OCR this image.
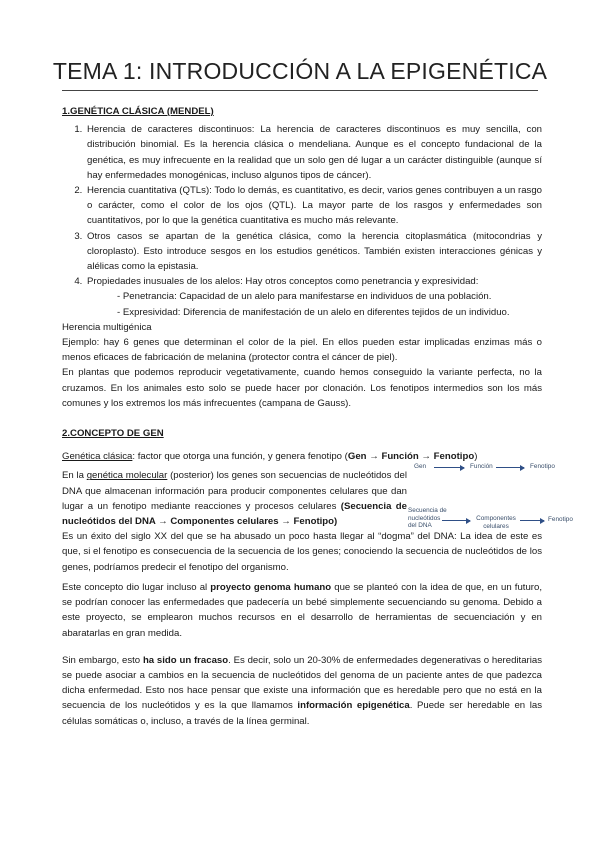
TEMA 1: INTRODUCCIÓN A LA EPIGENÉTICA

1.GENÉTICA CLÁSICA (MENDEL)

1. Herencia de caracteres discontinuos: La herencia de caracteres discontinuos es muy sencilla, con distribución binomial. Es la herencia clásica o mendeliana. Aunque es el concepto fundacional de la genética, es muy infrecuente en la realidad que un solo gen dé lugar a un carácter distinguible (aunque sí hay enfermedades monogénicas, incluso algunos tipos de cáncer).
2. Herencia cuantitativa (QTLs): Todo lo demás, es cuantitativo, es decir, varios genes contribuyen a un rasgo o carácter, como el color de los ojos (QTL). La mayor parte de los rasgos y enfermedades son cuantitativos, por lo que la genética cuantitativa es mucho más relevante.
3. Otros casos se apartan de la genética clásica, como la herencia citoplasmática (mitocondrias y cloroplasto). Esto introduce sesgos en los estudios genéticos. También existen interacciones génicas y alélicas como la epistasia.
4. Propiedades inusuales de los alelos: Hay otros conceptos como penetrancia y expresividad:
- Penetrancia: Capacidad de un alelo para manifestarse en individuos de una población.
- Expresividad: Diferencia de manifestación de un alelo en diferentes tejidos de un individuo.

Herencia multigénica

Ejemplo: hay 6 genes que determinan el color de la piel. En ellos pueden estar implicadas enzimas más o menos eficaces de fabricación de melanina (protector contra el cáncer de piel).

En plantas que podemos reproducir vegetativamente, cuando hemos conseguido la variante perfecta, no la cruzamos. En los animales esto solo se puede hacer por clonación. Los fenotipos intermedios son los más comunes y los extremos los más infrecuentes (campana de Gauss).

2.CONCEPTO DE GEN

Genética clásica: factor que otorga una función, y genera fenotipo (Gen → Función → Fenotipo)

En la genética molecular (posterior) los genes son secuencias de nucleótidos del DNA que almacenan información para producir componentes celulares que dan lugar a un fenotipo mediante reacciones y procesos celulares (Secuencia de nucleótidos del DNA → Componentes celulares → Fenotipo)

Gen	Función	Fenotipo
Secuencia de nucleótidos del DNA
Componentes celulares
Fenotipo

Es un éxito del siglo XX del que se ha abusado un poco hasta llegar al “dogma” del DNA: La idea de este es que, si el fenotipo es consecuencia de la secuencia de los genes; conociendo la secuencia de nucleótidos de los genes, podríamos predecir el fenotipo del organismo.

Este concepto dio lugar incluso al proyecto genoma humano que se planteó con la idea de que, en un futuro, se podrían conocer las enfermedades que padecería un bebé simplemente secuenciando su genoma. Debido a este proyecto, se emplearon muchos recursos en el desarrollo de herramientas de secuenciación y en abaratarlas en gran medida.

Sin embargo, esto ha sido un fracaso. Es decir, solo un 20-30% de enfermedades degenerativas o hereditarias se puede asociar a cambios en la secuencia de nucleótidos del genoma de un paciente antes de que padezca dicha enfermedad. Esto nos hace pensar que existe una información que es heredable pero que no está en la secuencia de los nucleótidos y es la que llamamos información epigenética. Puede ser heredable en las células somáticas o, incluso, a través de la línea germinal.
